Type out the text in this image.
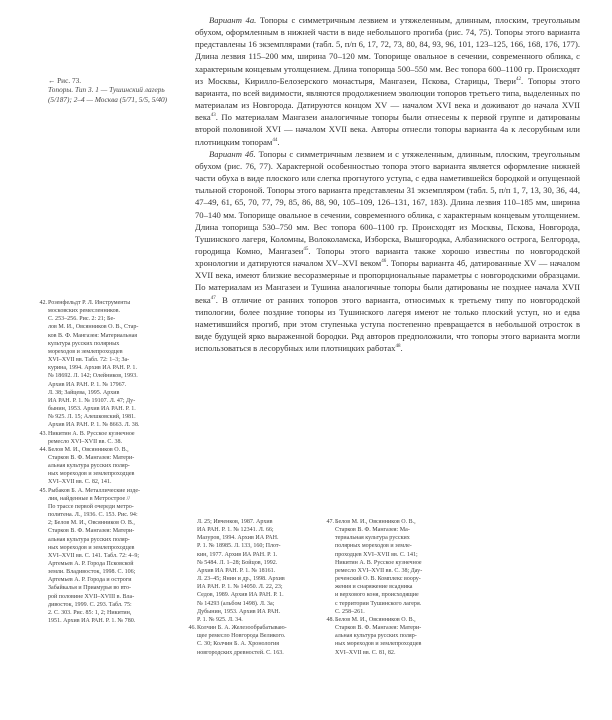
← Рис. 73.
Топоры. Тип 3. 1 — Тушинский лагерь (5/187); 2–4 — Москва (5/71, 5/5, 5/40)

Вариант 4а. Топоры с симметричным лезвием и утяжеленным, длинным, плоским, треугольным обухом, оформленным в нижней части в виде небольшого прогиба (рис. 74, 75). Топоры этого варианта представлены 16 экземплярами (табл. 5, п/п 6, 17, 72, 73, 80, 84, 93, 96, 101, 123–125, 166, 168, 176, 177). Длина лезвия 115–200 мм, ширина 70–120 мм. Топорище овальное в сечении, современного облика, с характерным концевым утолщением. Длина топорища 500–550 мм. Вес топора 600–1100 гр. Происходят из Москвы, Кирилло-Белозерского монастыря, Мангазеи, Пскова, Старицы, Твери$^{42}$. Топоры этого варианта, по всей видимости, являются продолжением эволюции топоров третьего типа, выделенных по материалам из Новгорода. Датируются концом XV — началом XVI века и доживают до начала XVII века$^{43}$. По материалам Мангазеи аналогичные топоры были отнесены к первой группе и датированы второй половиной XVI — началом XVII века. Авторы отнесли топоры варианта 4а к лесорубным или плотницким топорам$^{44}$.

Вариант 4б. Топоры с симметричным лезвием и с утяжеленным, длинным, плоским, треугольным обухом (рис. 76, 77). Характерной особенностью топора этого варианта является оформление нижней части обуха в виде плоского или слегка прогнутого уступа, с едва наметившейся бородкой и опущенной тыльной стороной. Топоры этого варианта представлены 31 экземпляром (табл. 5, п/п 1, 7, 13, 30, 36, 44, 47–49, 61, 65, 70, 77, 79, 85, 86, 88, 90, 105–109, 126–131, 167, 183). Длина лезвия 110–185 мм, ширина 70–140 мм. Топорище овальное в сечении, современного облика, с характерным концевым утолщением. Длина топорища 530–750 мм. Вес топора 600–1100 гр. Происходят из Москвы, Пскова, Новгорода, Тушинского лагеря, Коломны, Волоколамска, Изборска, Вышгородка, Албазинского острога, Белгорода, городища Комно, Мангазеи$^{45}$. Топоры этого варианта также хорошо известны по новгородской хронологии и датируются началом XV–XVI веком$^{46}$. Топоры варианта 4б, датированные XV — началом XVII века, имеют близкие весоразмерные и пропорциональные параметры с новгородскими образцами. По материалам из Мангазеи и Тушина аналогичные топоры были датированы не позднее начала XVII века$^{47}$. В отличие от ранних топоров этого варианта, относимых к третьему типу по новгородской типологии, более поздние топоры из Тушинского лагеря имеют не только плоский уступ, но и едва наметившийся прогиб, при этом ступенька уступа постепенно превращается в небольшой отросток в виде будущей ярко выраженной бородки. Ряд авторов предположили, что топоры этого варианта могли использоваться в лесорубных или плотницких работах$^{48}$.

42. Розенфельдт Р. Л. Инструменты
московских ремесленников.
С. 253–256. Рис. 2: 21; Бе-
лов М. И., Овсянников О. В., Стар-
ков В. Ф. Мангазея: Материальная
культура русских полярных
мореходов и землепроходцев
XVI–XVII вв. Табл. 72: 1–3; За-
курина, 1994. Архив ИА РАН. Р. 1.
№ 18692. Л. 142; Олейников, 1993.
Архив ИА РАН. Р. 1. № 17967.
Л. 38; Зайцева, 1995. Архив
ИА РАН. Р. 1. № 19107. Л. 47; Ду-
бынин, 1953. Архив ИА РАН. Р. 1.
№ 925. Л. 15; Алешковский, 1981.
Архив ИА РАН. Р. 1. № 8663. Л. 38.
43. Никитин А. В. Русское кузнечное
ремесло XVI–XVII вв. С. 38.
44. Белов М. И., Овсянников О. В.,
Старков В. Ф. Мангазея: Матери-
альная культура русских поляр-
ных мореходов и землепроходцев
XVI–XVII вв. С. 82, 141.
45. Рыбаков Б. А. Металлические изде-
лия, найденные в Метрострое //
По трассе первой очереди метро-
политена. Л., 1936. С. 153. Рис. 94:
2; Белов М. И., Овсянников О. В.,
Старков В. Ф. Мангазея: Матери-
альная культура русских поляр-
ных мореходов и землепроходцев
XVI–XVII вв. С. 141. Табл. 72: 4–9;
Артемьев А. Р. Города Псковской
земли. Владивосток, 1998. С. 106;
Артемьев А. Р. Города и остроги
Забайкалья и Приамурья во вто-
рой половине XVII–XVIII в. Вла-
дивосток, 1999. С. 293. Табл. 75:
2. С. 303. Рис. 85: 1, 2; Никитин,
1951. Архив ИА РАН. Р. 1. № 780.
Л. 25; Ивченков, 1987. Архив
ИА РАН. Р. 1. № 12341. Л. 66;
Мазуров, 1994. Архив ИА РАН.
Р. 1. № 18985. Л. 133, 160; Плот-
кин, 1977. Архив ИА РАН. Р. 1.
№ 5484. Л. 1–28; Бойцов, 1992.
Архив ИА РАН. Р. 1. № 18161.
Л. 23–45; Янин и др., 1998. Архив
ИА РАН. Р. 1. № 14050. Л. 22, 23;
Седов, 1989. Архив ИА РАН. Р. 1.
№ 14293 (альбом 1498). Л. 3а;
Дубынин, 1953. Архив ИА РАН.
Р. 1. № 925. Л. 34.
46. Колчин Б. А. Железообрабатываю-
щее ремесло Новгорода Великого.
С. 30; Колчин Б. А. Хронология
новгородских древностей. С. 163.
47. Белов М. И., Овсянников О. В.,
Старков В. Ф. Мангазея: Ма-
териальная культура русских
полярных мореходов и земле-
проходцев XVI–XVII вв. С. 141;
Никитин А. В. Русское кузнечное
ремесло XVI–XVII вв. С. 38; Дау-
реченский О. В. Комплекс воору-
жения и снаряжение всадника
и верхового коня, происходящие
с территории Тушинского лагеря.
С. 258–261.
48. Белов М. И., Овсянников О. В.,
Старков В. Ф. Мангазея: Матери-
альная культура русских поляр-
ных мореходов и землепроходцев
XVI–XVII вв. С. 81, 82.
